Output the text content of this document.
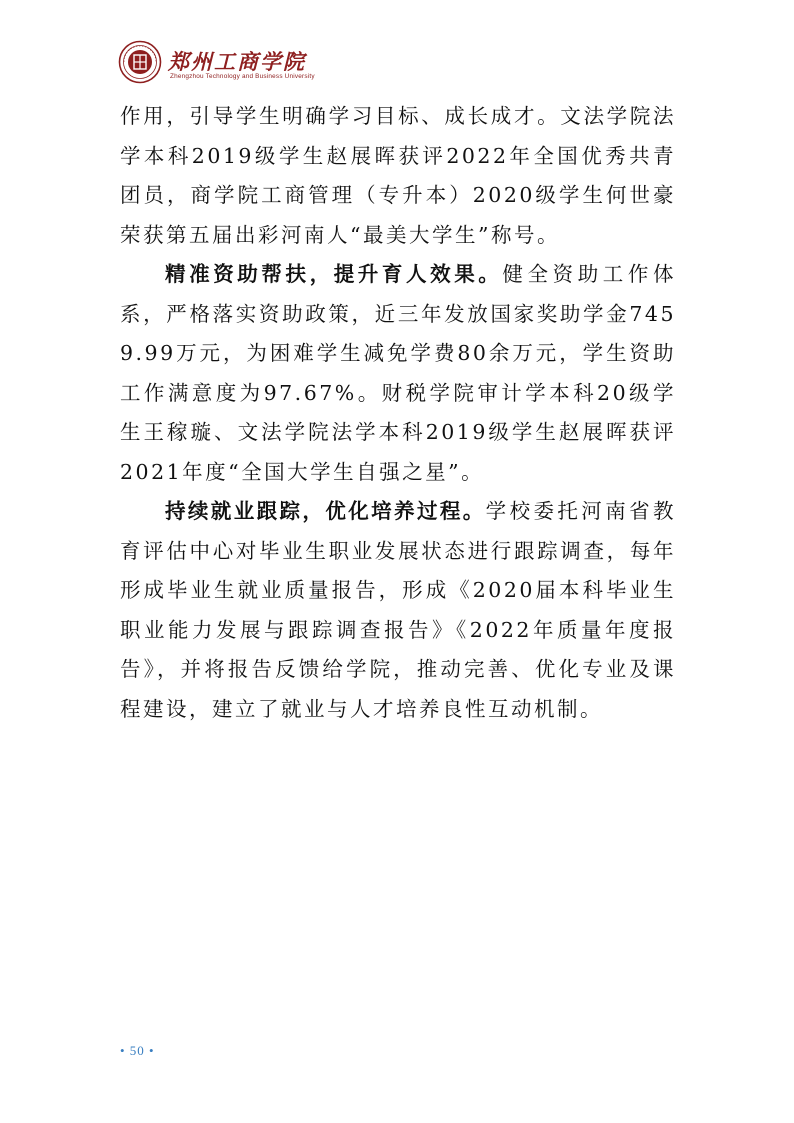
郑州工商学院
Zhengzhou Technology and Business University

作用，引导学生明确学习目标、成长成才。文法学院法学本科2019级学生赵展晖获评2022年全国优秀共青团员，商学院工商管理（专升本）2020级学生何世豪荣获第五届出彩河南人“最美大学生”称号。

精准资助帮扶，提升育人效果。健全资助工作体系，严格落实资助政策，近三年发放国家奖助学金7459.99万元，为困难学生减免学费80余万元，学生资助工作满意度为97.67%。财税学院审计学本科20级学生王稼璇、文法学院法学本科2019级学生赵展晖获评2021年度“全国大学生自强之星”。

持续就业跟踪，优化培养过程。学校委托河南省教育评估中心对毕业生职业发展状态进行跟踪调查，每年形成毕业生就业质量报告，形成《2020届本科毕业生职业能力发展与跟踪调查报告》《2022年质量年度报告》，并将报告反馈给学院，推动完善、优化专业及课程建设，建立了就业与人才培养良性互动机制。

• 50 •
